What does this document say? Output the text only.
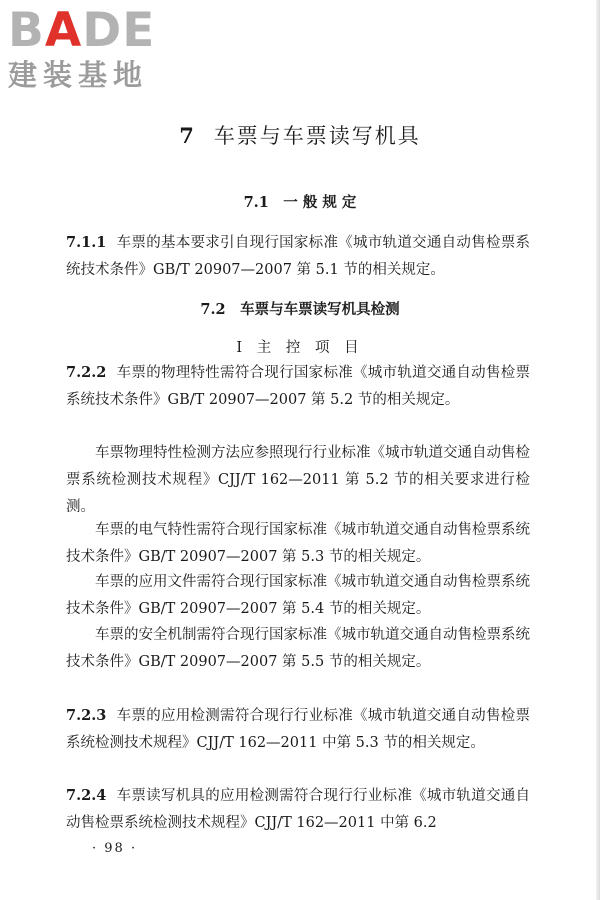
BADE
建装基地
7 车票与车票读写机具
7.1　一 般 规 定
7.1.1 车票的基本要求引自现行国家标准《城市轨道交通自动售检票系统技术条件》GB/T 20907—2007 第 5.1 节的相关规定。
7.2　车票与车票读写机具检测
Ⅰ 主 控 项 目
7.2.2 车票的物理特性需符合现行国家标准《城市轨道交通自动售检票系统技术条件》GB/T 20907—2007 第 5.2 节的相关规定。
车票物理特性检测方法应参照现行行业标准《城市轨道交通自动售检票系统检测技术规程》CJJ/T 162—2011 第 5.2 节的相关要求进行检测。
车票的电气特性需符合现行国家标准《城市轨道交通自动售检票系统技术条件》GB/T 20907—2007 第 5.3 节的相关规定。
车票的应用文件需符合现行国家标准《城市轨道交通自动售检票系统技术条件》GB/T 20907—2007 第 5.4 节的相关规定。
车票的安全机制需符合现行国家标准《城市轨道交通自动售检票系统技术条件》GB/T 20907—2007 第 5.5 节的相关规定。
7.2.3 车票的应用检测需符合现行行业标准《城市轨道交通自动售检票系统检测技术规程》CJJ/T 162—2011 中第 5.3 节的相关规定。
7.2.4 车票读写机具的应用检测需符合现行行业标准《城市轨道交通自动售检票系统检测技术规程》CJJ/T 162—2011 中第 6.2
· 98 ·
